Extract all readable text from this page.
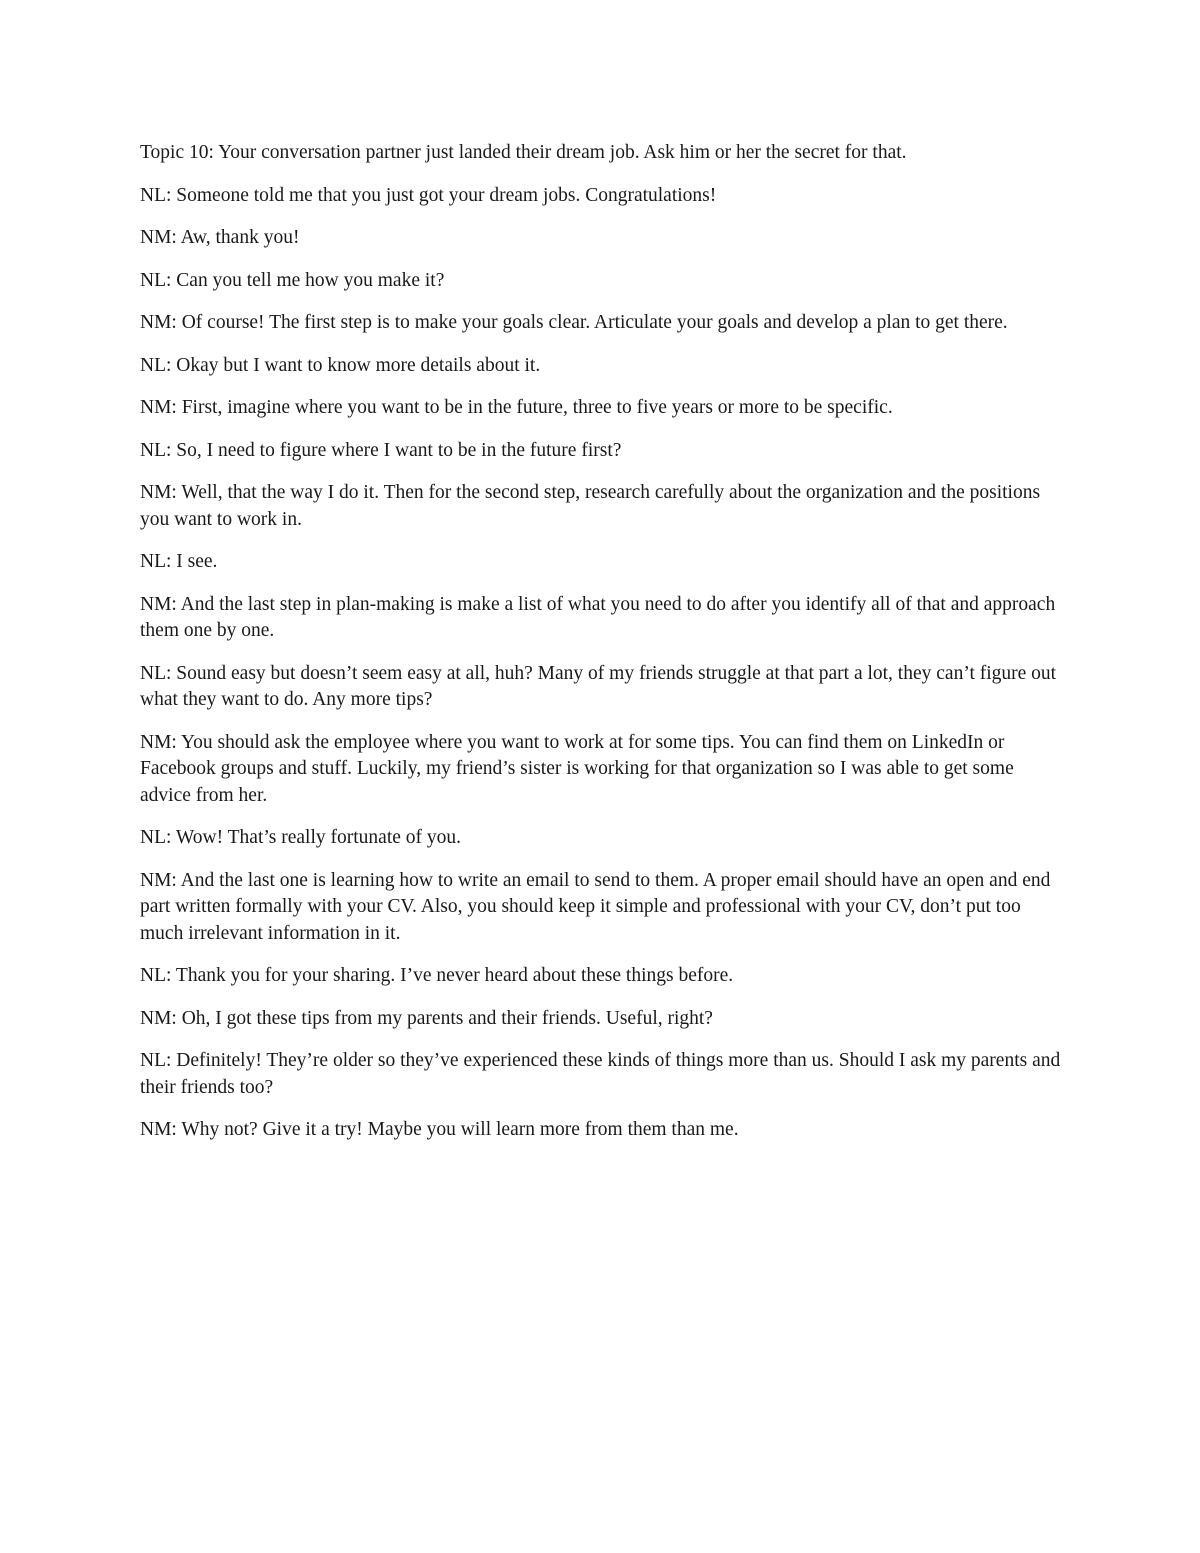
Topic 10: Your conversation partner just landed their dream job. Ask him or her the secret for that.

NL: Someone told me that you just got your dream jobs. Congratulations!

NM: Aw, thank you!

NL: Can you tell me how you make it?

NM: Of course! The first step is to make your goals clear. Articulate your goals and develop a plan to get there.

NL: Okay but I want to know more details about it.

NM: First, imagine where you want to be in the future, three to five years or more to be specific.

NL: So, I need to figure where I want to be in the future first?

NM: Well, that the way I do it. Then for the second step, research carefully about the organization and the positions you want to work in.

NL: I see.

NM: And the last step in plan-making is make a list of what you need to do after you identify all of that and approach them one by one.

NL: Sound easy but doesn’t seem easy at all, huh? Many of my friends struggle at that part a lot, they can’t figure out what they want to do. Any more tips?

NM: You should ask the employee where you want to work at for some tips. You can find them on LinkedIn or Facebook groups and stuff. Luckily, my friend’s sister is working for that organization so I was able to get some advice from her.

NL: Wow! That’s really fortunate of you.

NM: And the last one is learning how to write an email to send to them. A proper email should have an open and end part written formally with your CV. Also, you should keep it simple and professional with your CV, don’t put too much irrelevant information in it.

NL: Thank you for your sharing. I’ve never heard about these things before.

NM: Oh, I got these tips from my parents and their friends. Useful, right?

NL: Definitely! They’re older so they’ve experienced these kinds of things more than us. Should I ask my parents and their friends too?

NM: Why not? Give it a try! Maybe you will learn more from them than me.
